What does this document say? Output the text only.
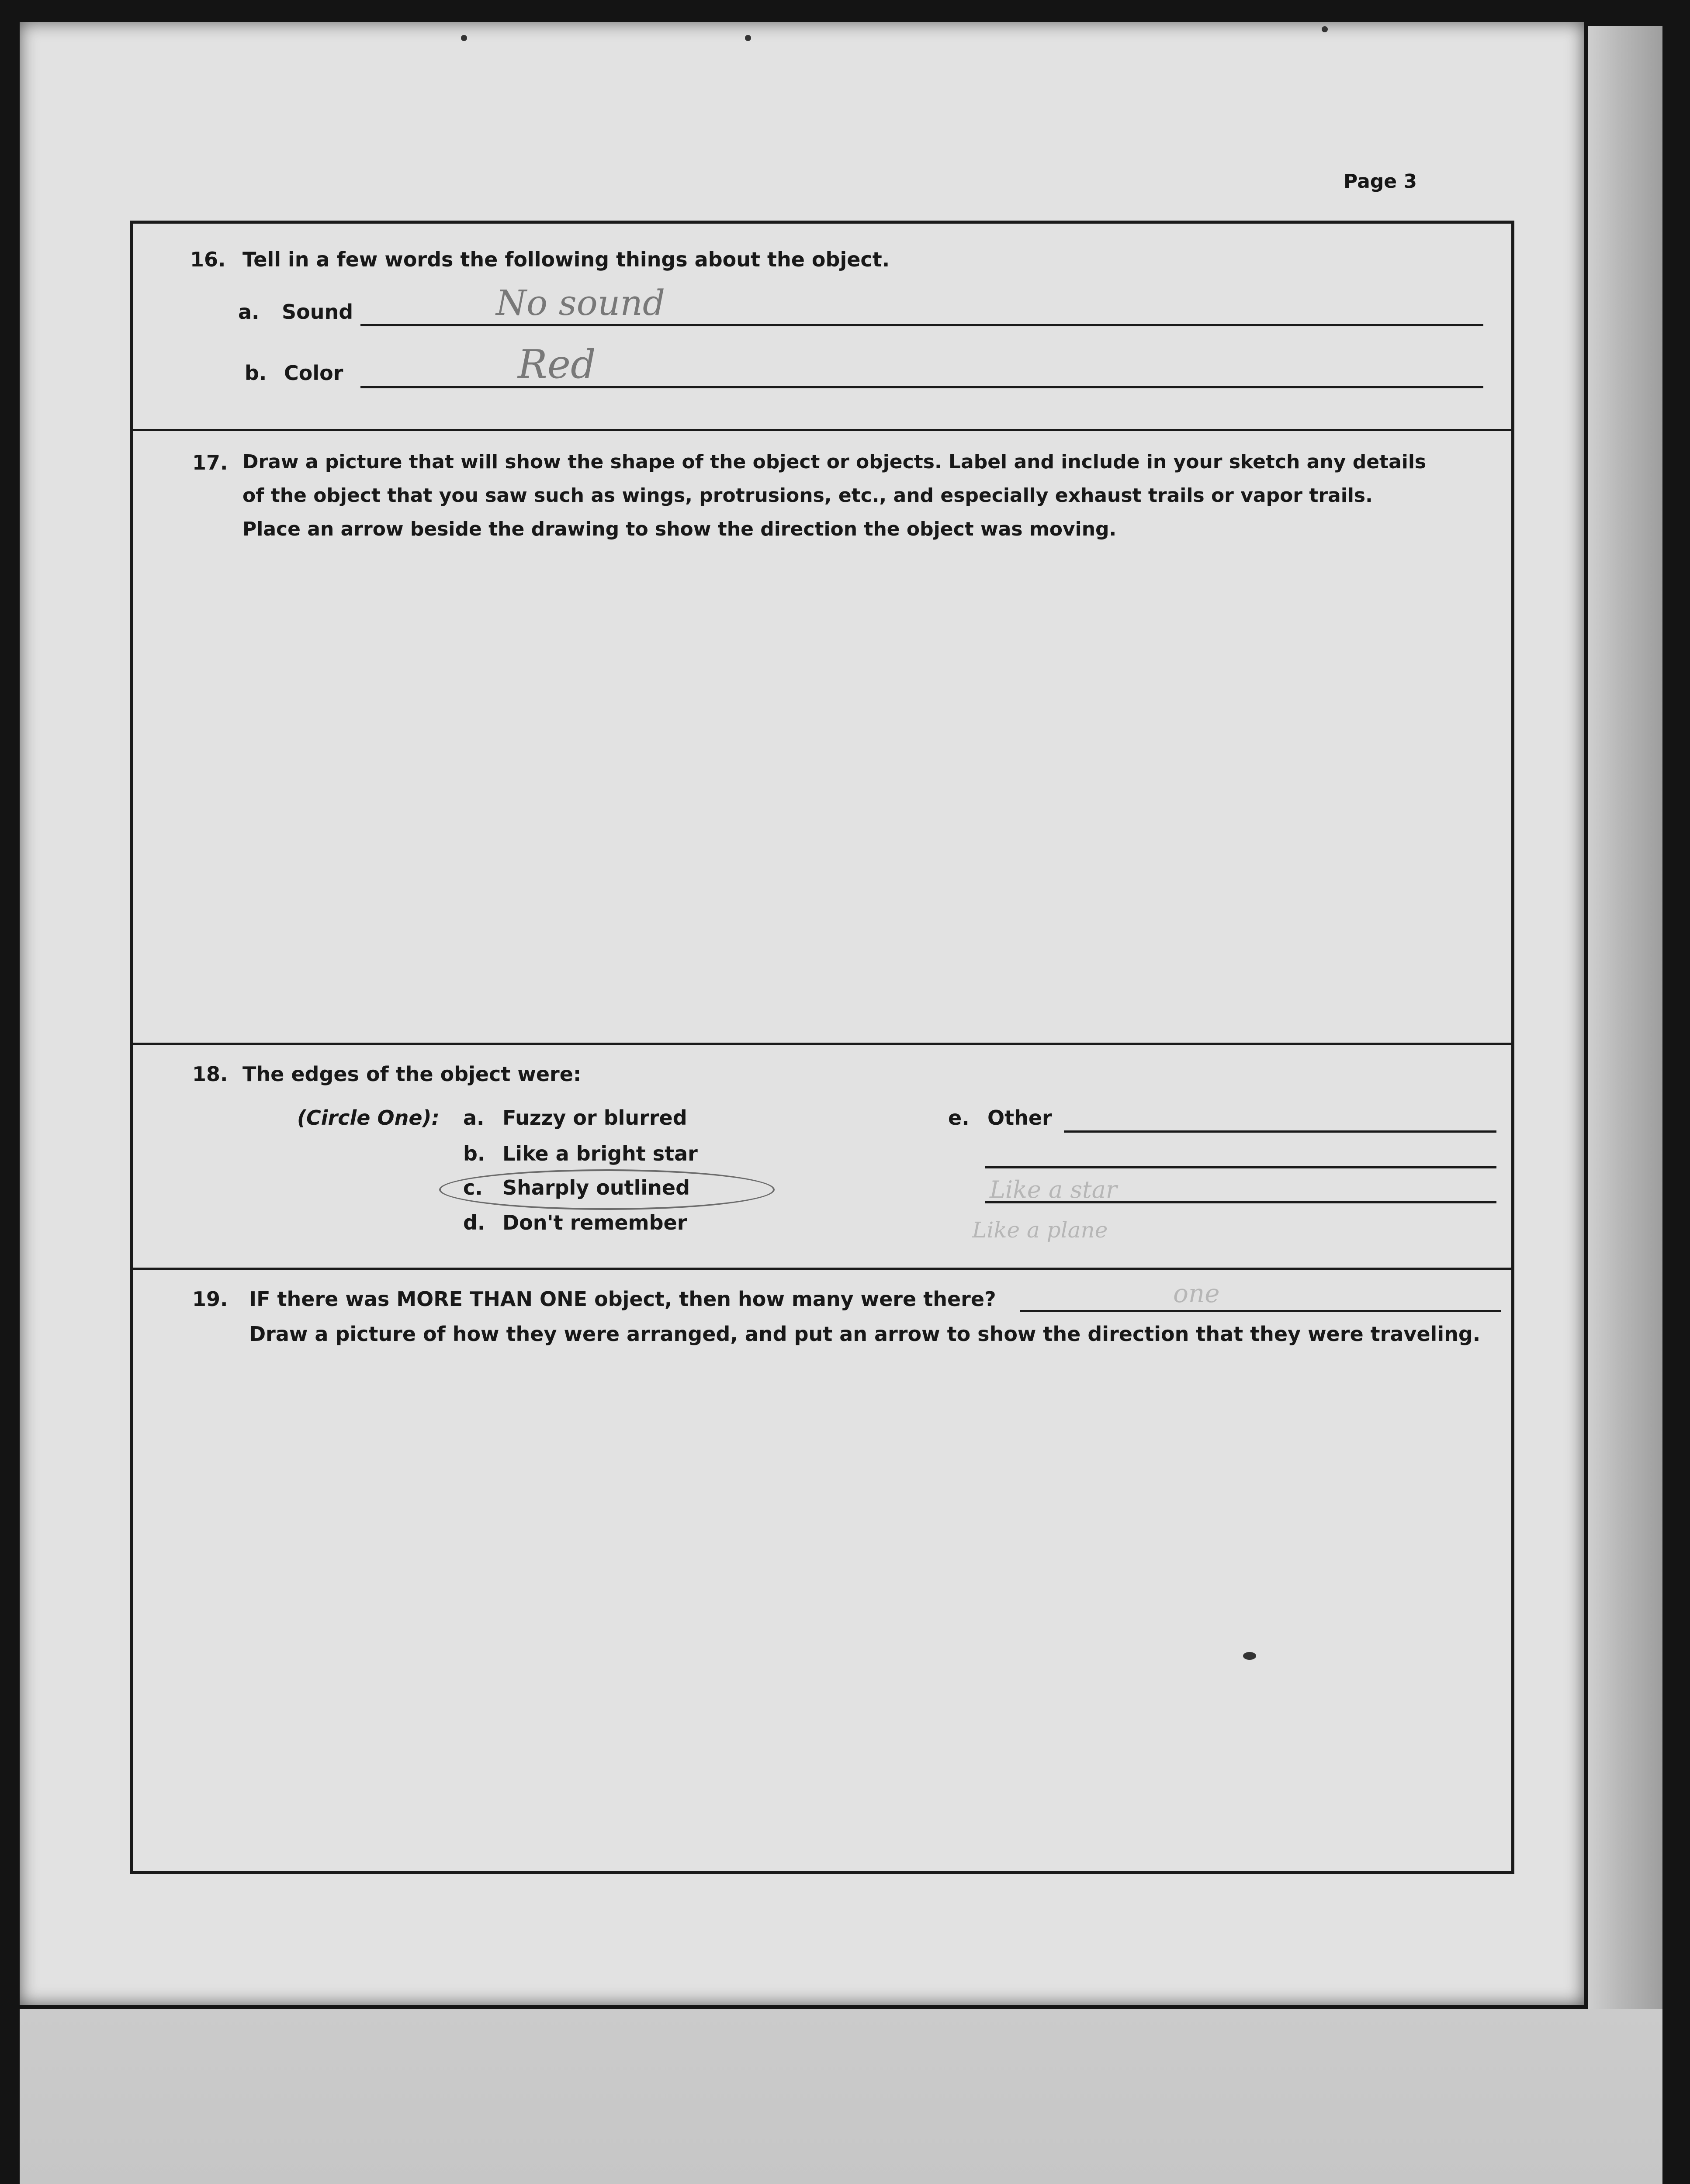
Page 3
16. Tell in a few words the following things about the object.
a. Sound	No sound
b. Color	Red
17. Draw a picture that will show the shape of the object or objects. Label and include in your sketch any details
of the object that you saw such as wings, protrusions, etc., and especially exhaust trails or vapor trails.
Place an arrow beside the drawing to show the direction the object was moving.
18. The edges of the object were:
(Circle One): a. Fuzzy or blurred
b. Like a bright star
c. Sharply outlined
d. Don't remember
e. Other
Like a star
Like a plane
19. IF there was MORE THAN ONE object, then how many were there?	one
Draw a picture of how they were arranged, and put an arrow to show the direction that they were traveling.
